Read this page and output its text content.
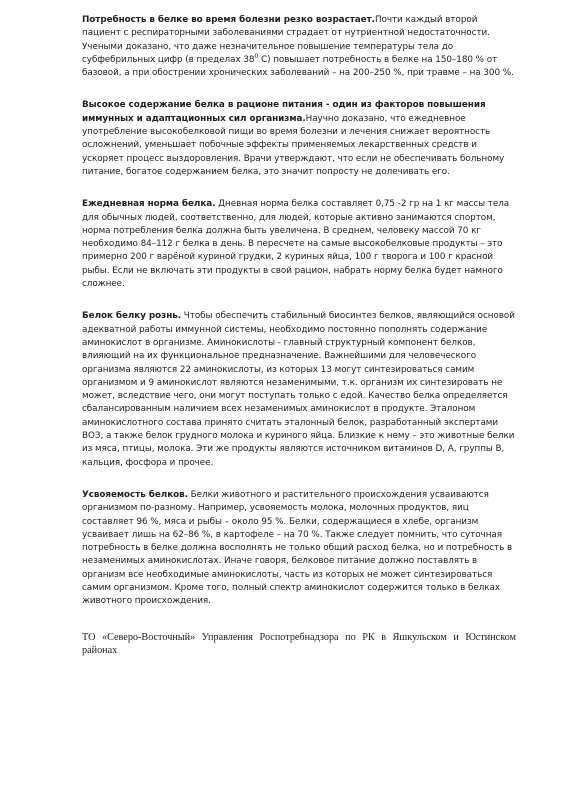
Потребность в белке во время болезни резко возрастает.Почти каждый второй пациент с респираторными заболеваниями страдает от нутриентной недостаточности. Учеными доказано, что даже незначительное повышение температуры тела до субфебрильных цифр (в пределах $38^0$ С) повышает потребность в белке на 150–180 % от базовой, а при обострении хронических заболеваний – на 200–250 %, при травме – на 300 %.

Высокое содержание белка в рационе питания - один из факторов повышения иммунных и адаптационных сил организма.Научно доказано, что ежедневное употребление высокобелковой пищи во время болезни и лечения снижает вероятность осложнений, уменьшает побочные эффекты применяемых лекарственных средств и ускоряет процесс выздоровления. Врачи утверждают, что если не обеспечивать больному питание, богатое содержанием белка, это значит попросту не долечивать его.

Ежедневная норма белка. Дневная норма белка составляет 0,75 -2 гр на 1 кг массы тела для обычных людей, соответственно, для людей, которые активно занимаются спортом, норма потребления белка должна быть увеличена. В среднем, человеку массой 70 кг необходимо 84–112 г белка в день. В пересчете на самые высокобелковые продукты – это примерно 200 г варёной куриной грудки, 2 куриных яйца, 100 г творога и 100 г красной рыбы. Если не включать эти продукты в свой рацион, набрать норму белка будет намного сложнее.

Белок белку рознь. Чтобы обеспечить стабильный биосинтез белков, являющийся основой адекватной работы иммунной системы, необходимо постоянно пополнять содержание аминокислот в организме. Аминокислоты - главный структурный компонент белков, влияющий на их функциональное предназначение. Важнейшими для человеческого организма являются 22 аминокислоты, из которых 13 могут синтезироваться самим организмом и 9 аминокислот являются незаменимыми, т.к. организм их синтезировать не может, вследствие чего, они могут поступать только с едой. Качество белка определяется сбалансированным наличием всех незаменимых аминокислот в продукте. Эталоном аминокислотного состава принято считать эталонный белок, разработанный экспертами ВОЗ, а также белок грудного молока и куриного яйца. Близкие к нему – это животные белки из мяса, птицы, молока. Эти же продукты являются источником витаминов D, A, группы В, кальция, фосфора и прочее.

Усвояемость белков. Белки животного и растительного происхождения усваиваются организмом по-разному. Например, усвояемость молока, молочных продуктов, яиц составляет 96 %, мяса и рыбы – около 95 %. Белки, содержащиеся в хлебе, организм усваивает лишь на 62–86 %, в картофеле – на 70 %. Также следует помнить, что суточная потребность в белке должна восполнять не только общий расход белка, но и потребность в незаменимых аминокислотах. Иначе говоря, белковое питание должно поставлять в организм все необходимые аминокислоты, часть из которых не может синтезироваться самим организмом. Кроме того, полный спектр аминокислот содержится только в белках животного происхождения.

ТО «Северо-Восточный» Управления Роспотребнадзора по РК в Яшкульском и Юстинском районах
